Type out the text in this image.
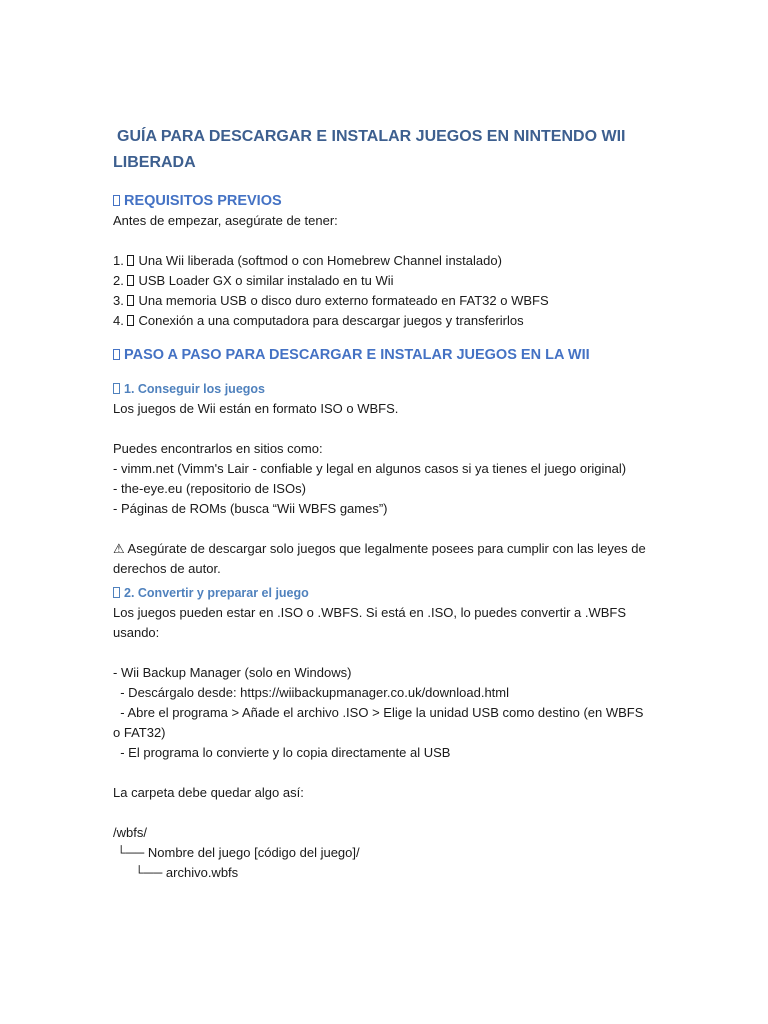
GUÍA PARA DESCARGAR E INSTALAR JUEGOS EN NINTENDO WII LIBERADA
REQUISITOS PREVIOS
Antes de empezar, asegúrate de tener:
1. Una Wii liberada (softmod o con Homebrew Channel instalado)
2. USB Loader GX o similar instalado en tu Wii
3. Una memoria USB o disco duro externo formateado en FAT32 o WBFS
4. Conexión a una computadora para descargar juegos y transferirlos
PASO A PASO PARA DESCARGAR E INSTALAR JUEGOS EN LA WII
1. Conseguir los juegos
Los juegos de Wii están en formato ISO o WBFS.
Puedes encontrarlos en sitios como:
- vimm.net (Vimm's Lair - confiable y legal en algunos casos si ya tienes el juego original)
- the-eye.eu (repositorio de ISOs)
- Páginas de ROMs (busca “Wii WBFS games”)
⚠ Asegúrate de descargar solo juegos que legalmente posees para cumplir con las leyes de derechos de autor.
2. Convertir y preparar el juego
Los juegos pueden estar en .ISO o .WBFS. Si está en .ISO, lo puedes convertir a .WBFS usando:
- Wii Backup Manager (solo en Windows)
- Descárgalo desde: https://wiibackupmanager.co.uk/download.html
- Abre el programa > Añade el archivo .ISO > Elige la unidad USB como destino (en WBFS o FAT32)
- El programa lo convierte y lo copia directamente al USB
La carpeta debe quedar algo así:
/wbfs/
└── Nombre del juego [código del juego]/
└── archivo.wbfs
